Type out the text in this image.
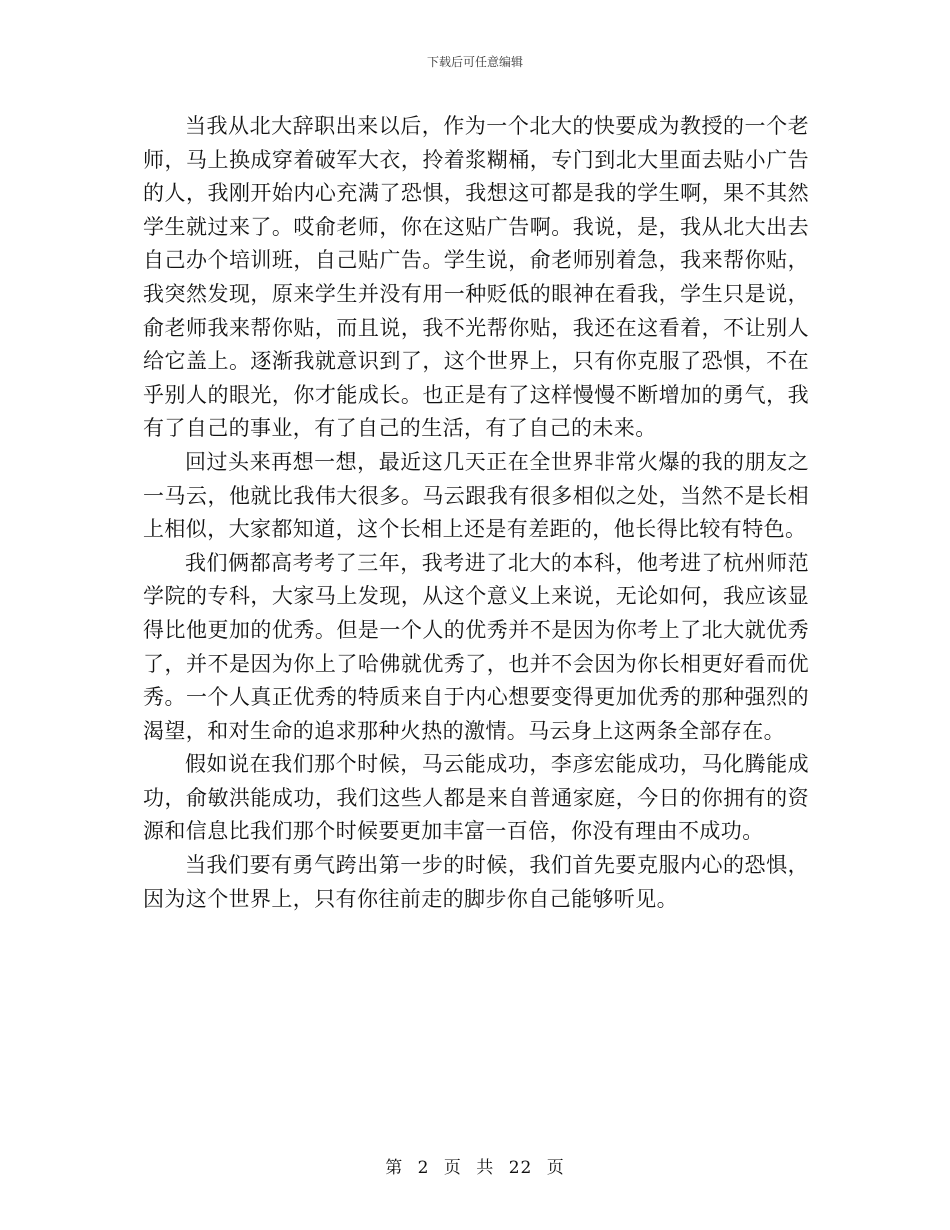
下载后可任意编辑

当我从北大辞职出来以后，作为一个北大的快要成为教授的一个老师，马上换成穿着破军大衣，拎着浆糊桶，专门到北大里面去贴小广告的人，我刚开始内心充满了恐惧，我想这可都是我的学生啊，果不其然学生就过来了。哎俞老师，你在这贴广告啊。我说，是，我从北大出去自己办个培训班，自己贴广告。学生说，俞老师别着急，我来帮你贴，我突然发现，原来学生并没有用一种贬低的眼神在看我，学生只是说，俞老师我来帮你贴，而且说，我不光帮你贴，我还在这看着，不让别人给它盖上。逐渐我就意识到了，这个世界上，只有你克服了恐惧，不在乎别人的眼光，你才能成长。也正是有了这样慢慢不断增加的勇气，我有了自己的事业，有了自己的生活，有了自己的未来。

回过头来再想一想，最近这几天正在全世界非常火爆的我的朋友之一马云，他就比我伟大很多。马云跟我有很多相似之处，当然不是长相上相似，大家都知道，这个长相上还是有差距的，他长得比较有特色。

我们俩都高考考了三年，我考进了北大的本科，他考进了杭州师范学院的专科，大家马上发现，从这个意义上来说，无论如何，我应该显得比他更加的优秀。但是一个人的优秀并不是因为你考上了北大就优秀了，并不是因为你上了哈佛就优秀了，也并不会因为你长相更好看而优秀。一个人真正优秀的特质来自于内心想要变得更加优秀的那种强烈的渴望，和对生命的追求那种火热的激情。马云身上这两条全部存在。

假如说在我们那个时候，马云能成功，李彦宏能成功，马化腾能成功，俞敏洪能成功，我们这些人都是来自普通家庭，今日的你拥有的资源和信息比我们那个时候要更加丰富一百倍，你没有理由不成功。

当我们要有勇气跨出第一步的时候，我们首先要克服内心的恐惧，因为这个世界上，只有你往前走的脚步你自己能够听见。

第 2 页 共 22 页
